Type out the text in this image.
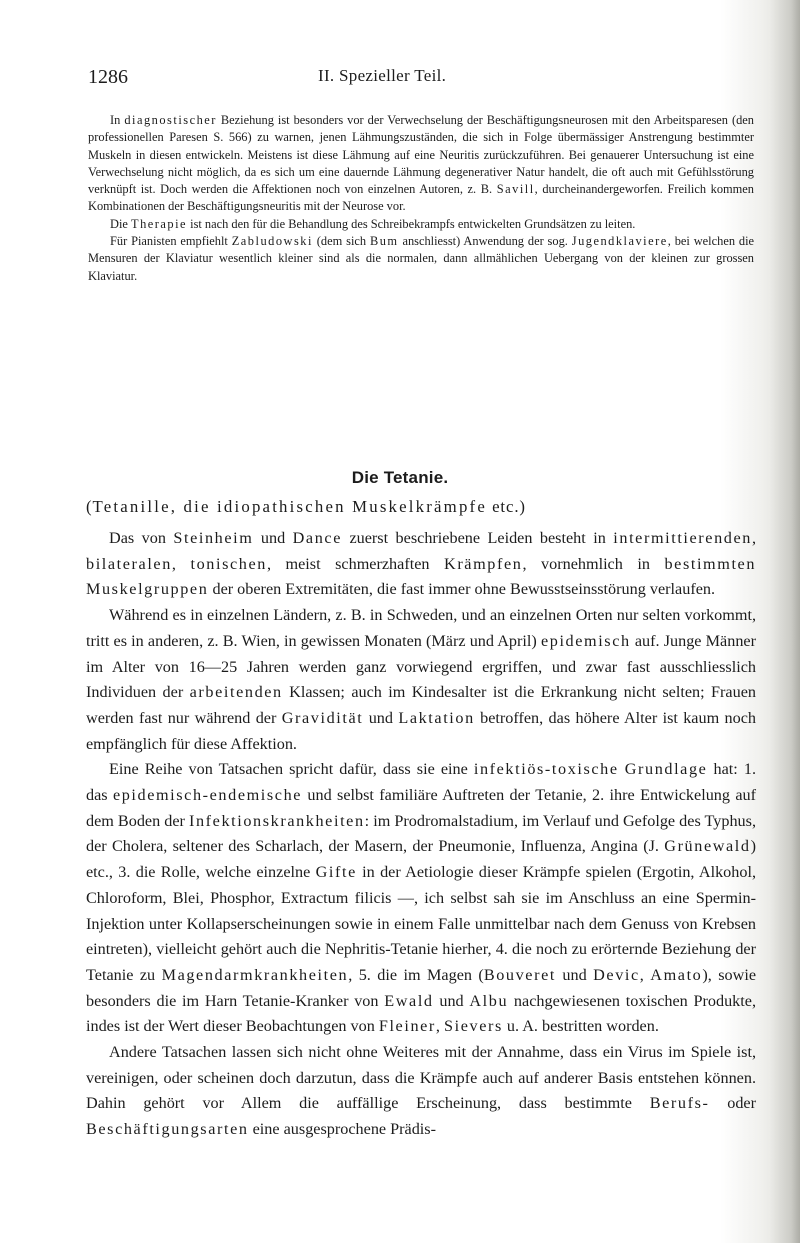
1286	II. Spezieller Teil.

In diagnostischer Beziehung ist besonders vor der Verwechselung der Beschäftigungsneurosen mit den Arbeitsparesen (den professionellen Paresen S. 566) zu warnen, jenen Lähmungszuständen, die sich in Folge übermässiger Anstrengung bestimmter Muskeln in diesen entwickeln. Meistens ist diese Lähmung auf eine Neuritis zurückzuführen. Bei genauerer Untersuchung ist eine Verwechselung nicht möglich, da es sich um eine dauernde Lähmung degenerativer Natur handelt, die oft auch mit Gefühlsstörung verknüpft ist. Doch werden die Affektionen noch von einzelnen Autoren, z. B. Savill, durcheinandergeworfen. Freilich kommen Kombinationen der Beschäftigungsneuritis mit der Neurose vor.

Die Therapie ist nach den für die Behandlung des Schreibekrampfs entwickelten Grundsätzen zu leiten.

Für Pianisten empfiehlt Zabludowski (dem sich Bum anschliesst) Anwendung der sog. Jugendklaviere, bei welchen die Mensuren der Klaviatur wesentlich kleiner sind als die normalen, dann allmählichen Uebergang von der kleinen zur grossen Klaviatur.

Die Tetanie.
(Tetanille, die idiopathischen Muskelkrämpfe etc.)

Das von Steinheim und Dance zuerst beschriebene Leiden besteht in intermittierenden, bilateralen, tonischen, meist schmerzhaften Krämpfen, vornehmlich in bestimmten Muskelgruppen der oberen Extremitäten, die fast immer ohne Bewusstseinsstörung verlaufen.

Während es in einzelnen Ländern, z. B. in Schweden, und an einzelnen Orten nur selten vorkommt, tritt es in anderen, z. B. Wien, in gewissen Monaten (März und April) epidemisch auf. Junge Männer im Alter von 16—25 Jahren werden ganz vorwiegend ergriffen, und zwar fast ausschliesslich Individuen der arbeitenden Klassen; auch im Kindesalter ist die Erkrankung nicht selten; Frauen werden fast nur während der Gravidität und Laktation betroffen, das höhere Alter ist kaum noch empfänglich für diese Affektion.

Eine Reihe von Tatsachen spricht dafür, dass sie eine infektiös-toxische Grundlage hat: 1. das epidemisch-endemische und selbst familiäre Auftreten der Tetanie, 2. ihre Entwickelung auf dem Boden der Infektionskrankheiten: im Prodromalstadium, im Verlauf und Gefolge des Typhus, der Cholera, seltener des Scharlach, der Masern, der Pneumonie, Influenza, Angina (J. Grünewald) etc., 3. die Rolle, welche einzelne Gifte in der Aetiologie dieser Krämpfe spielen (Ergotin, Alkohol, Chloroform, Blei, Phosphor, Extractum filicis —, ich selbst sah sie im Anschluss an eine Spermin-Injektion unter Kollapserscheinungen sowie in einem Falle unmittelbar nach dem Genuss von Krebsen eintreten), vielleicht gehört auch die Nephritis-Tetanie hierher, 4. die noch zu erörternde Beziehung der Tetanie zu Magendarmkrankheiten, 5. die im Magen (Bouveret und Devic, Amato), sowie besonders die im Harn Tetanie-Kranker von Ewald und Albu nachgewiesenen toxischen Produkte, indes ist der Wert dieser Beobachtungen von Fleiner, Sievers u. A. bestritten worden.

Andere Tatsachen lassen sich nicht ohne Weiteres mit der Annahme, dass ein Virus im Spiele ist, vereinigen, oder scheinen doch darzutun, dass die Krämpfe auch auf anderer Basis entstehen können. Dahin gehört vor Allem die auffällige Erscheinung, dass bestimmte Berufs- oder Beschäftigungsarten eine ausgesprochene Prädis-
